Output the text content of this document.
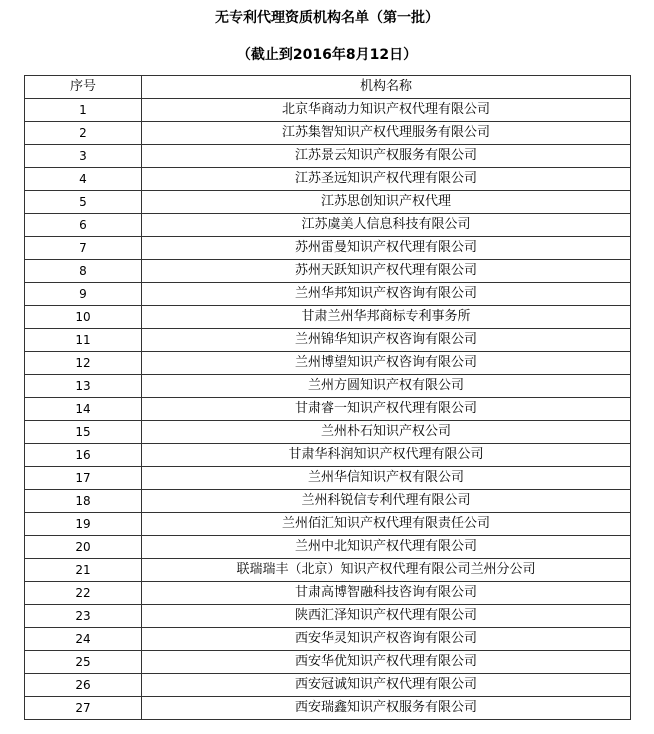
无专利代理资质机构名单（第一批）
（截止到2016年8月12日）
序号	机构名称
1	北京华商动力知识产权代理有限公司
2	江苏集智知识产权代理服务有限公司
3	江苏景云知识产权服务有限公司
4	江苏圣远知识产权代理有限公司
5	江苏思创知识产权代理
6	江苏虞美人信息科技有限公司
7	苏州雷曼知识产权代理有限公司
8	苏州天跃知识产权代理有限公司
9	兰州华邦知识产权咨询有限公司
10	甘肃兰州华邦商标专利事务所
11	兰州锦华知识产权咨询有限公司
12	兰州博望知识产权咨询有限公司
13	兰州方圆知识产权有限公司
14	甘肃睿一知识产权代理有限公司
15	兰州朴石知识产权公司
16	甘肃华科润知识产权代理有限公司
17	兰州华信知识产权有限公司
18	兰州科锐信专利代理有限公司
19	兰州佰汇知识产权代理有限责任公司
20	兰州中北知识产权代理有限公司
21	联瑞瑞丰（北京）知识产权代理有限公司兰州分公司
22	甘肃高博智融科技咨询有限公司
23	陕西汇泽知识产权代理有限公司
24	西安华灵知识产权咨询有限公司
25	西安华优知识产权代理有限公司
26	西安冠诚知识产权代理有限公司
27	西安瑞鑫知识产权服务有限公司
